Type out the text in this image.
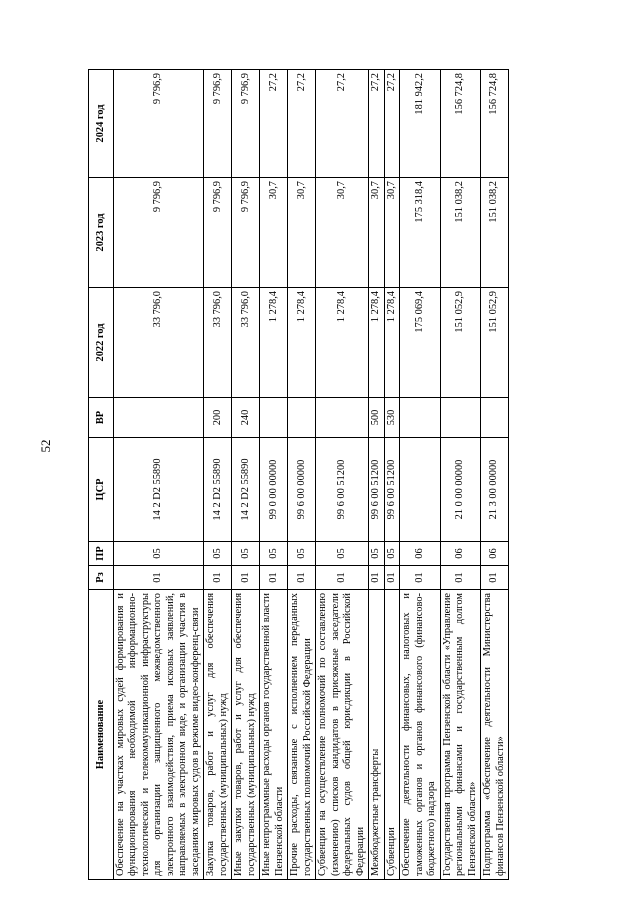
52
Наименование	Рз	ПР	ЦСР	ВР	2022 год	2023 год	2024 год
Обеспечение на участках мировых судей формирования и функционирования необходимой информационно-технологической и телекоммуникационной инфраструктуры для организации защищенного межведомственного электронного взаимодействия, приема исковых заявлений, направляемых в электронном виде, и организации участия в заседаниях мировых судов в режиме видео-конференц-связи	01	05	14 2 D2 55890		33 796,0	9 796,9	9 796,9
Закупка товаров, работ и услуг для обеспечения государственных (муниципальных) нужд	01	05	14 2 D2 55890	200	33 796,0	9 796,9	9 796,9
Иные закупки товаров, работ и услуг для обеспечения государственных (муниципальных) нужд	01	05	14 2 D2 55890	240	33 796,0	9 796,9	9 796,9
Иные непрограммные расходы органов государственной власти Пензенской области	01	05	99 0 00 00000		1 278,4	30,7	27,2
Прочие расходы, связанные с исполнением переданных государственных полномочий Российской Федерации	01	05	99 6 00 00000		1 278,4	30,7	27,2
Субвенции на осуществление полномочий по составлению (изменению) списков кандидатов в присяжные заседатели федеральных судов общей юрисдикции в Российской Федерации	01	05	99 6 00 51200		1 278,4	30,7	27,2
Межбюджетные трансферты	01	05	99 6 00 51200	500	1 278,4	30,7	27,2
Субвенции	01	05	99 6 00 51200	530	1 278,4	30,7	27,2
Обеспечение деятельности финансовых, налоговых и таможенных органов и органов финансового (финансово-бюджетного) надзора	01	06			175 069,4	175 318,4	181 942,2
Государственная программа Пензенской области «Управление региональными финансами и государственным долгом Пензенской области»	01	06	21 0 00 00000		151 052,9	151 038,2	156 724,8
Подпрограмма «Обеспечение деятельности Министерства финансов Пензенской области»	01	06	21 3 00 00000		151 052,9	151 038,2	156 724,8
